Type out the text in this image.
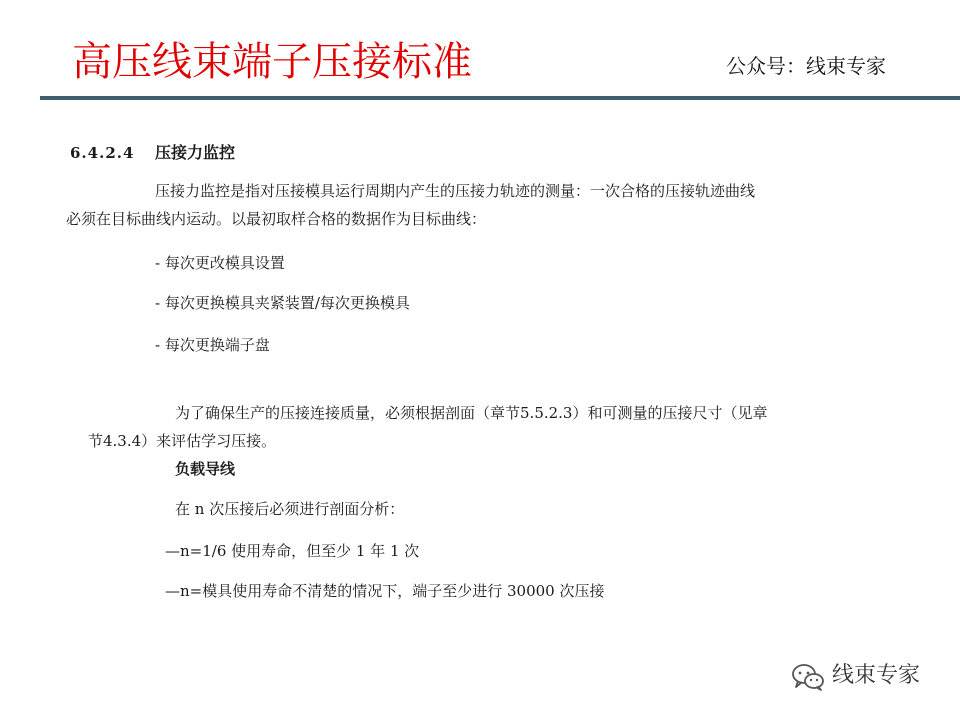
高压线束端子压接标准	公众号：线束专家
6.4.2.4 压接力监控
压接力监控是指对压接模具运行周期内产生的压接力轨迹的测量：一次合格的压接轨迹曲线
必须在目标曲线内运动。以最初取样合格的数据作为目标曲线：
- 每次更改模具设置
- 每次更换模具夹紧装置/每次更换模具
- 每次更换端子盘
为了确保生产的压接连接质量，必须根据剖面（章节5.5.2.3）和可测量的压接尺寸（见章
节4.3.4）来评估学习压接。
负载导线
在 n 次压接后必须进行剖面分析：
—n=1/6 使用寿命，但至少 1 年 1 次
—n=模具使用寿命不清楚的情况下，端子至少进行 30000 次压接
线束专家
